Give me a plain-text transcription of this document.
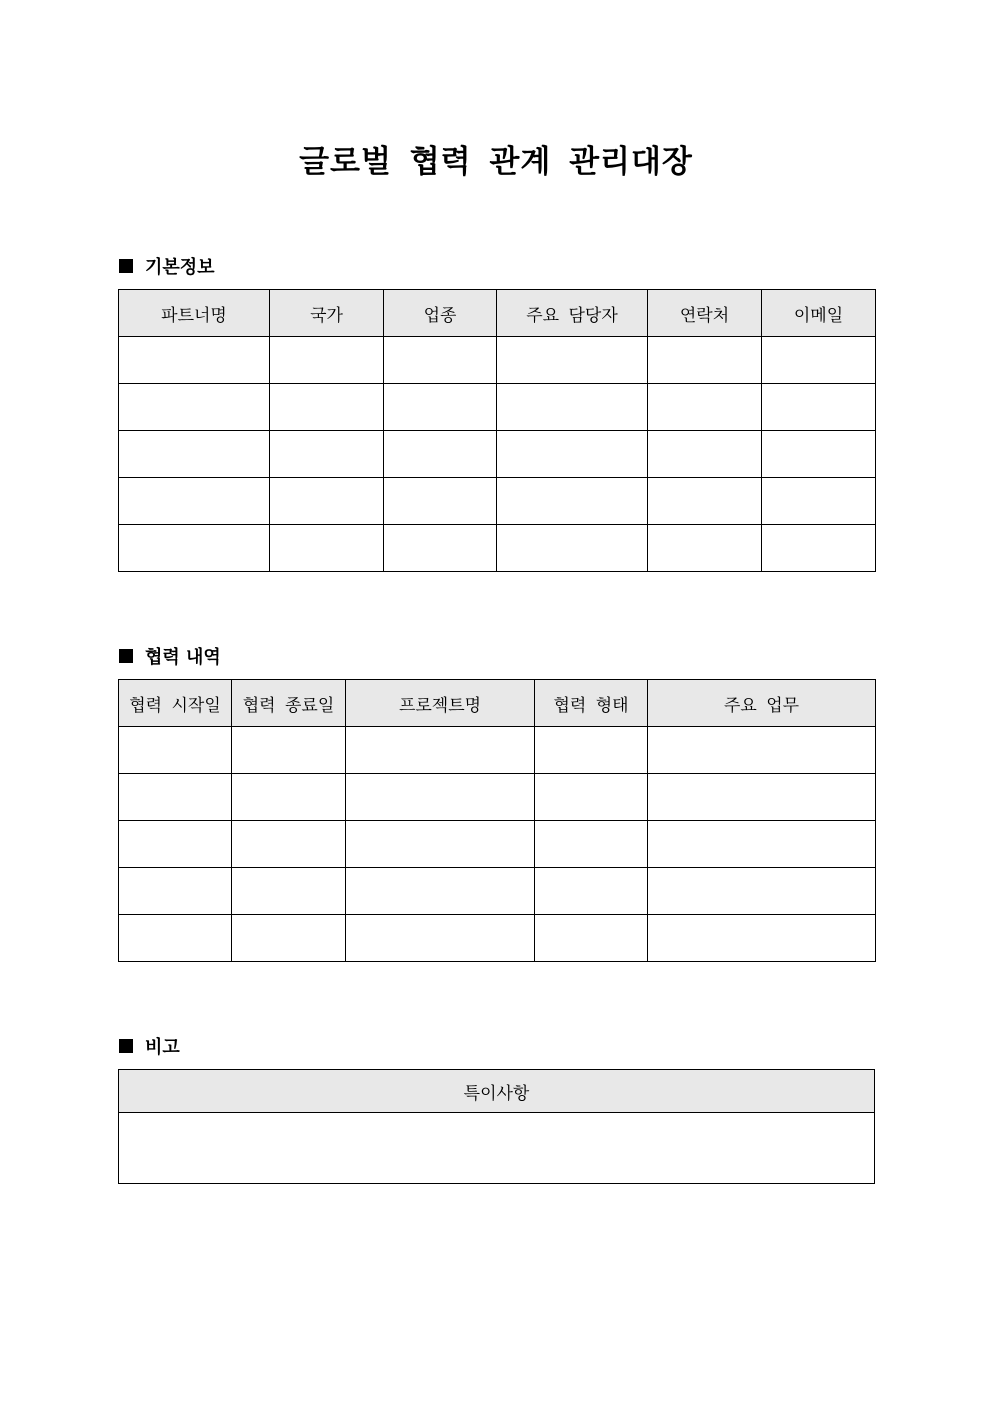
글로벌 협력 관계 관리대장
기본정보
파트너명	국가	업종	주요 담당자	연락처	이메일

협력 내역
협력 시작일	협력 종료일	프로젝트명	협력 형태	주요 업무

비고
특이사항
